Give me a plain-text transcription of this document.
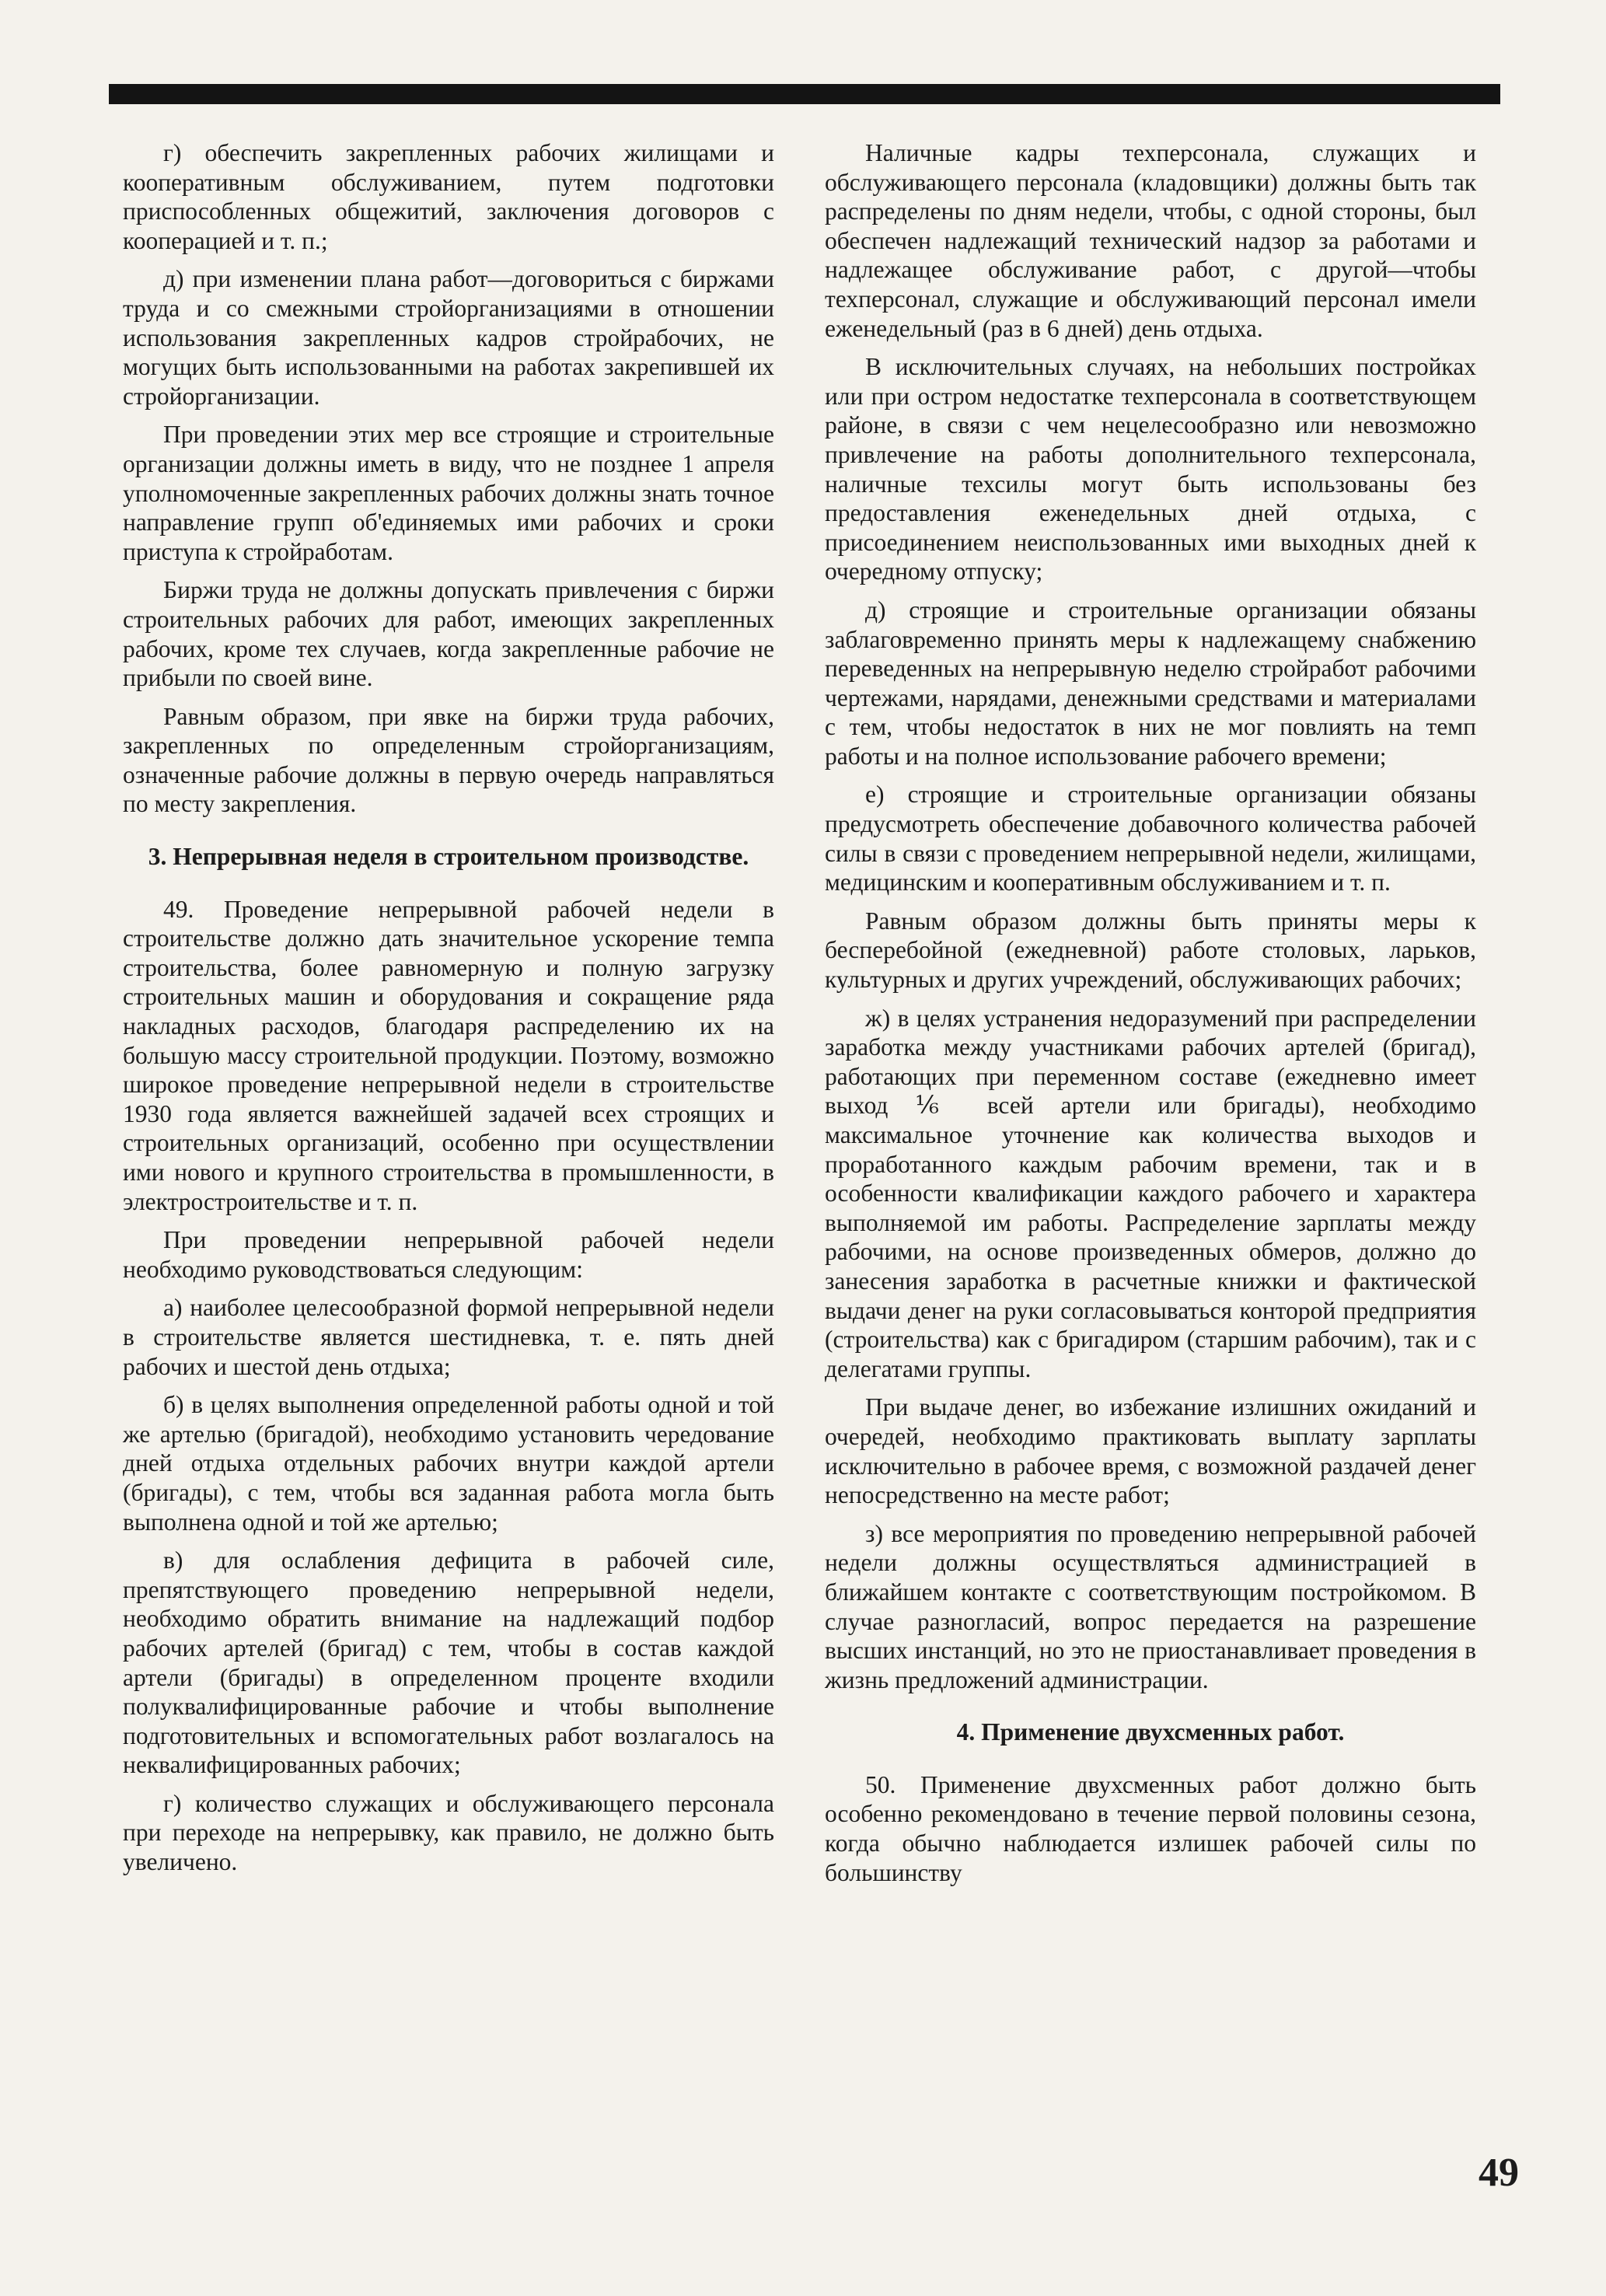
г) обеспечить закрепленных рабочих жилищами и кооперативным обслуживанием, путем подготовки приспособленных общежитий, заключения договоров с кооперацией и т. п.;

д) при изменении плана работ—договориться с биржами труда и со смежными стройорганизациями в отношении использования закрепленных кадров стройрабочих, не могущих быть использованными на работах закрепившей их стройорганизации.

При проведении этих мер все строящие и строительные организации должны иметь в виду, что не позднее 1 апреля уполномоченные закрепленных рабочих должны знать точное направление групп об'единяемых ими рабочих и сроки приступа к стройработам.

Биржи труда не должны допускать привлечения с биржи строительных рабочих для работ, имеющих закрепленных рабочих, кроме тех случаев, когда закрепленные рабочие не прибыли по своей вине.

Равным образом, при явке на биржи труда рабочих, закрепленных по определенным стройорганизациям, означенные рабочие должны в первую очередь направляться по месту закрепления.

3. Непрерывная неделя в строительном производстве.

49. Проведение непрерывной рабочей недели в строительстве должно дать значительное ускорение темпа строительства, более равномерную и полную загрузку строительных машин и оборудования и сокращение ряда накладных расходов, благодаря распределению их на большую массу строительной продукции. Поэтому, возможно широкое проведение непрерывной недели в строительстве 1930 года является важнейшей задачей всех строящих и строительных организаций, особенно при осуществлении ими нового и крупного строительства в промышленности, в электростроительстве и т. п.

При проведении непрерывной рабочей недели необходимо руководствоваться следующим:

а) наиболее целесообразной формой непрерывной недели в строительстве является шестидневка, т. е. пять дней рабочих и шестой день отдыха;

б) в целях выполнения определенной работы одной и той же артелью (бригадой), необходимо установить чередование дней отдыха отдельных рабочих внутри каждой артели (бригады), с тем, чтобы вся заданная работа могла быть выполнена одной и той же артелью;

в) для ослабления дефицита в рабочей силе, препятствующего проведению непрерывной недели, необходимо обратить внимание на надлежащий подбор рабочих артелей (бригад) с тем, чтобы в состав каждой артели (бригады) в определенном проценте входили полуквалифицированные рабочие и чтобы выполнение подготовительных и вспомогательных работ возлагалось на неквалифицированных рабочих;

г) количество служащих и обслуживающего персонала при переходе на непрерывку, как правило, не должно быть увеличено.

Наличные кадры техперсонала, служащих и обслуживающего персонала (кладовщики) должны быть так распределены по дням недели, чтобы, с одной стороны, был обеспечен надлежащий технический надзор за работами и надлежащее обслуживание работ, с другой—чтобы техперсонал, служащие и обслуживающий персонал имели еженедельный (раз в 6 дней) день отдыха.

В исключительных случаях, на небольших постройках или при остром недостатке техперсонала в соответствующем районе, в связи с чем нецелесообразно или невозможно привлечение на работы дополнительного техперсонала, наличные техсилы могут быть использованы без предоставления еженедельных дней отдыха, с присоединением неиспользованных ими выходных дней к очередному отпуску;

д) строящие и строительные организации обязаны заблаговременно принять меры к надлежащему снабжению переведенных на непрерывную неделю стройработ рабочими чертежами, нарядами, денежными средствами и материалами с тем, чтобы недостаток в них не мог повлиять на темп работы и на полное использование рабочего времени;

е) строящие и строительные организации обязаны предусмотреть обеспечение добавочного количества рабочей силы в связи с проведением непрерывной недели, жилищами, медицинским и кооперативным обслуживанием и т. п.

Равным образом должны быть приняты меры к бесперебойной (ежедневной) работе столовых, ларьков, культурных и других учреждений, обслуживающих рабочих;

ж) в целях устранения недоразумений при распределении заработка между участниками рабочих артелей (бригад), работающих при переменном составе (ежедневно имеет выход ⅙ всей артели или бригады), необходимо максимальное уточнение как количества выходов и проработанного каждым рабочим времени, так и в особенности квалификации каждого рабочего и характера выполняемой им работы. Распределение зарплаты между рабочими, на основе произведенных обмеров, должно до занесения заработка в расчетные книжки и фактической выдачи денег на руки согласовываться конторой предприятия (строительства) как с бригадиром (старшим рабочим), так и с делегатами группы.

При выдаче денег, во избежание излишних ожиданий и очередей, необходимо практиковать выплату зарплаты исключительно в рабочее время, с возможной раздачей денег непосредственно на месте работ;

з) все мероприятия по проведению непрерывной рабочей недели должны осуществляться администрацией в ближайшем контакте с соответствующим постройкомом. В случае разногласий, вопрос передается на разрешение высших инстанций, но это не приостанавливает проведения в жизнь предложений администрации.

4. Применение двухсменных работ.

50. Применение двухсменных работ должно быть особенно рекомендовано в течение первой половины сезона, когда обычно наблюдается излишек рабочей силы по большинству

49
